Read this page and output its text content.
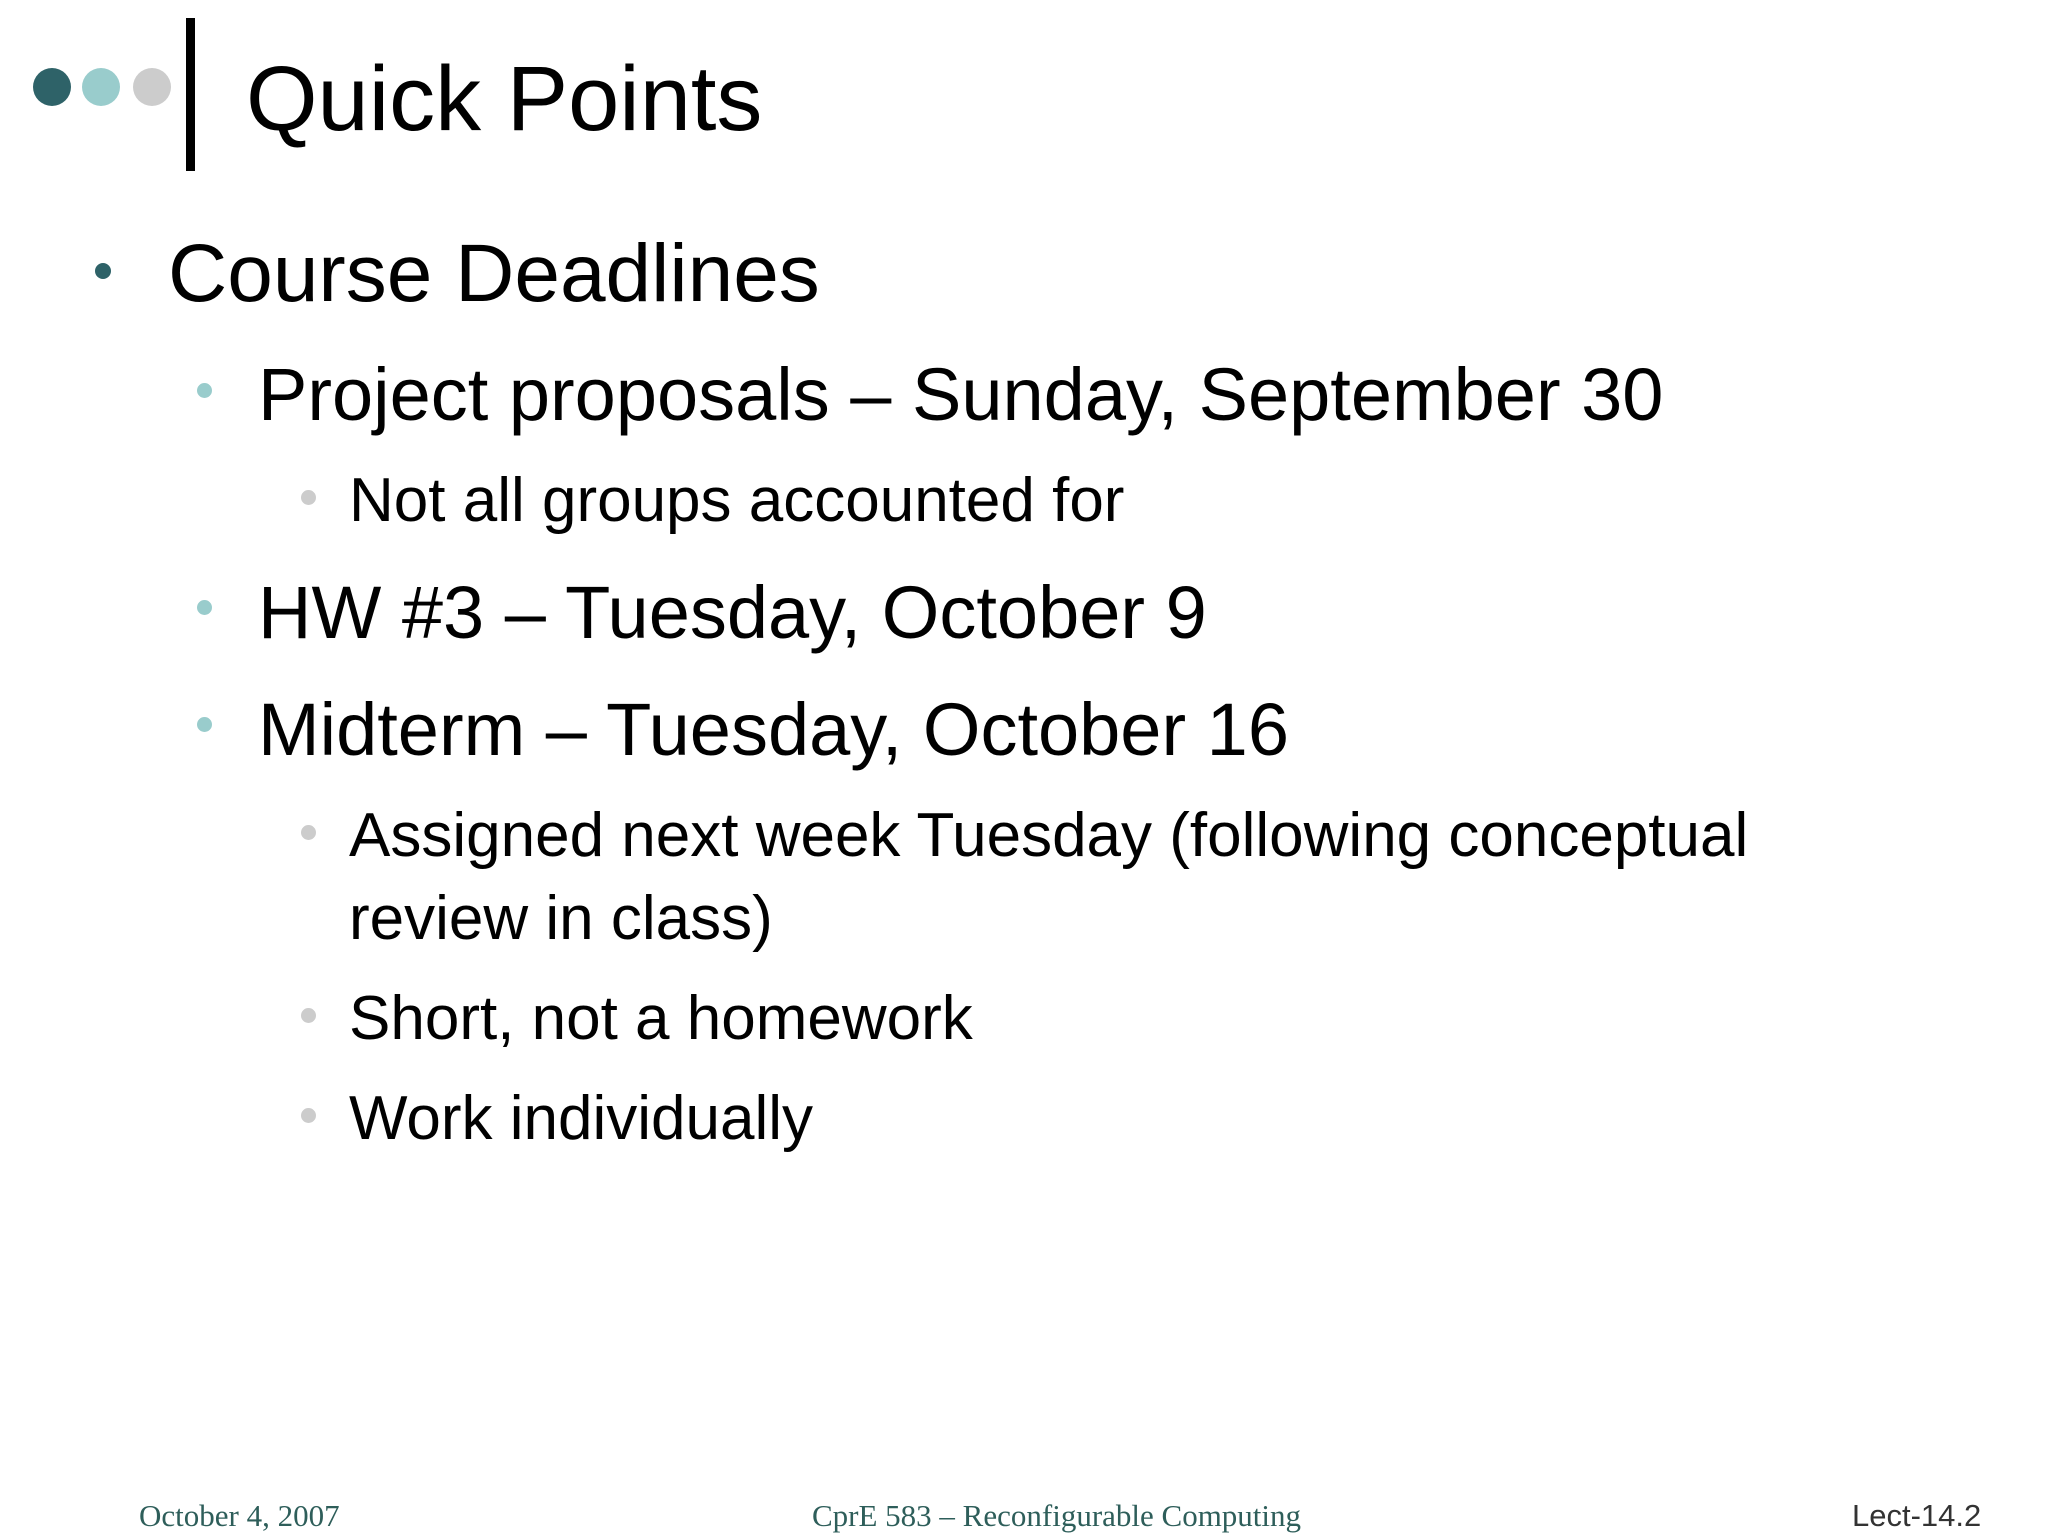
Quick Points
Course Deadlines
Project proposals – Sunday, September 30
Not all groups accounted for
HW #3 – Tuesday, October 9
Midterm – Tuesday, October 16
Assigned next week Tuesday (following conceptual
review in class)
Short, not a homework
Work individually
October 4, 2007	CprE 583 – Reconfigurable Computing	Lect-14.2
